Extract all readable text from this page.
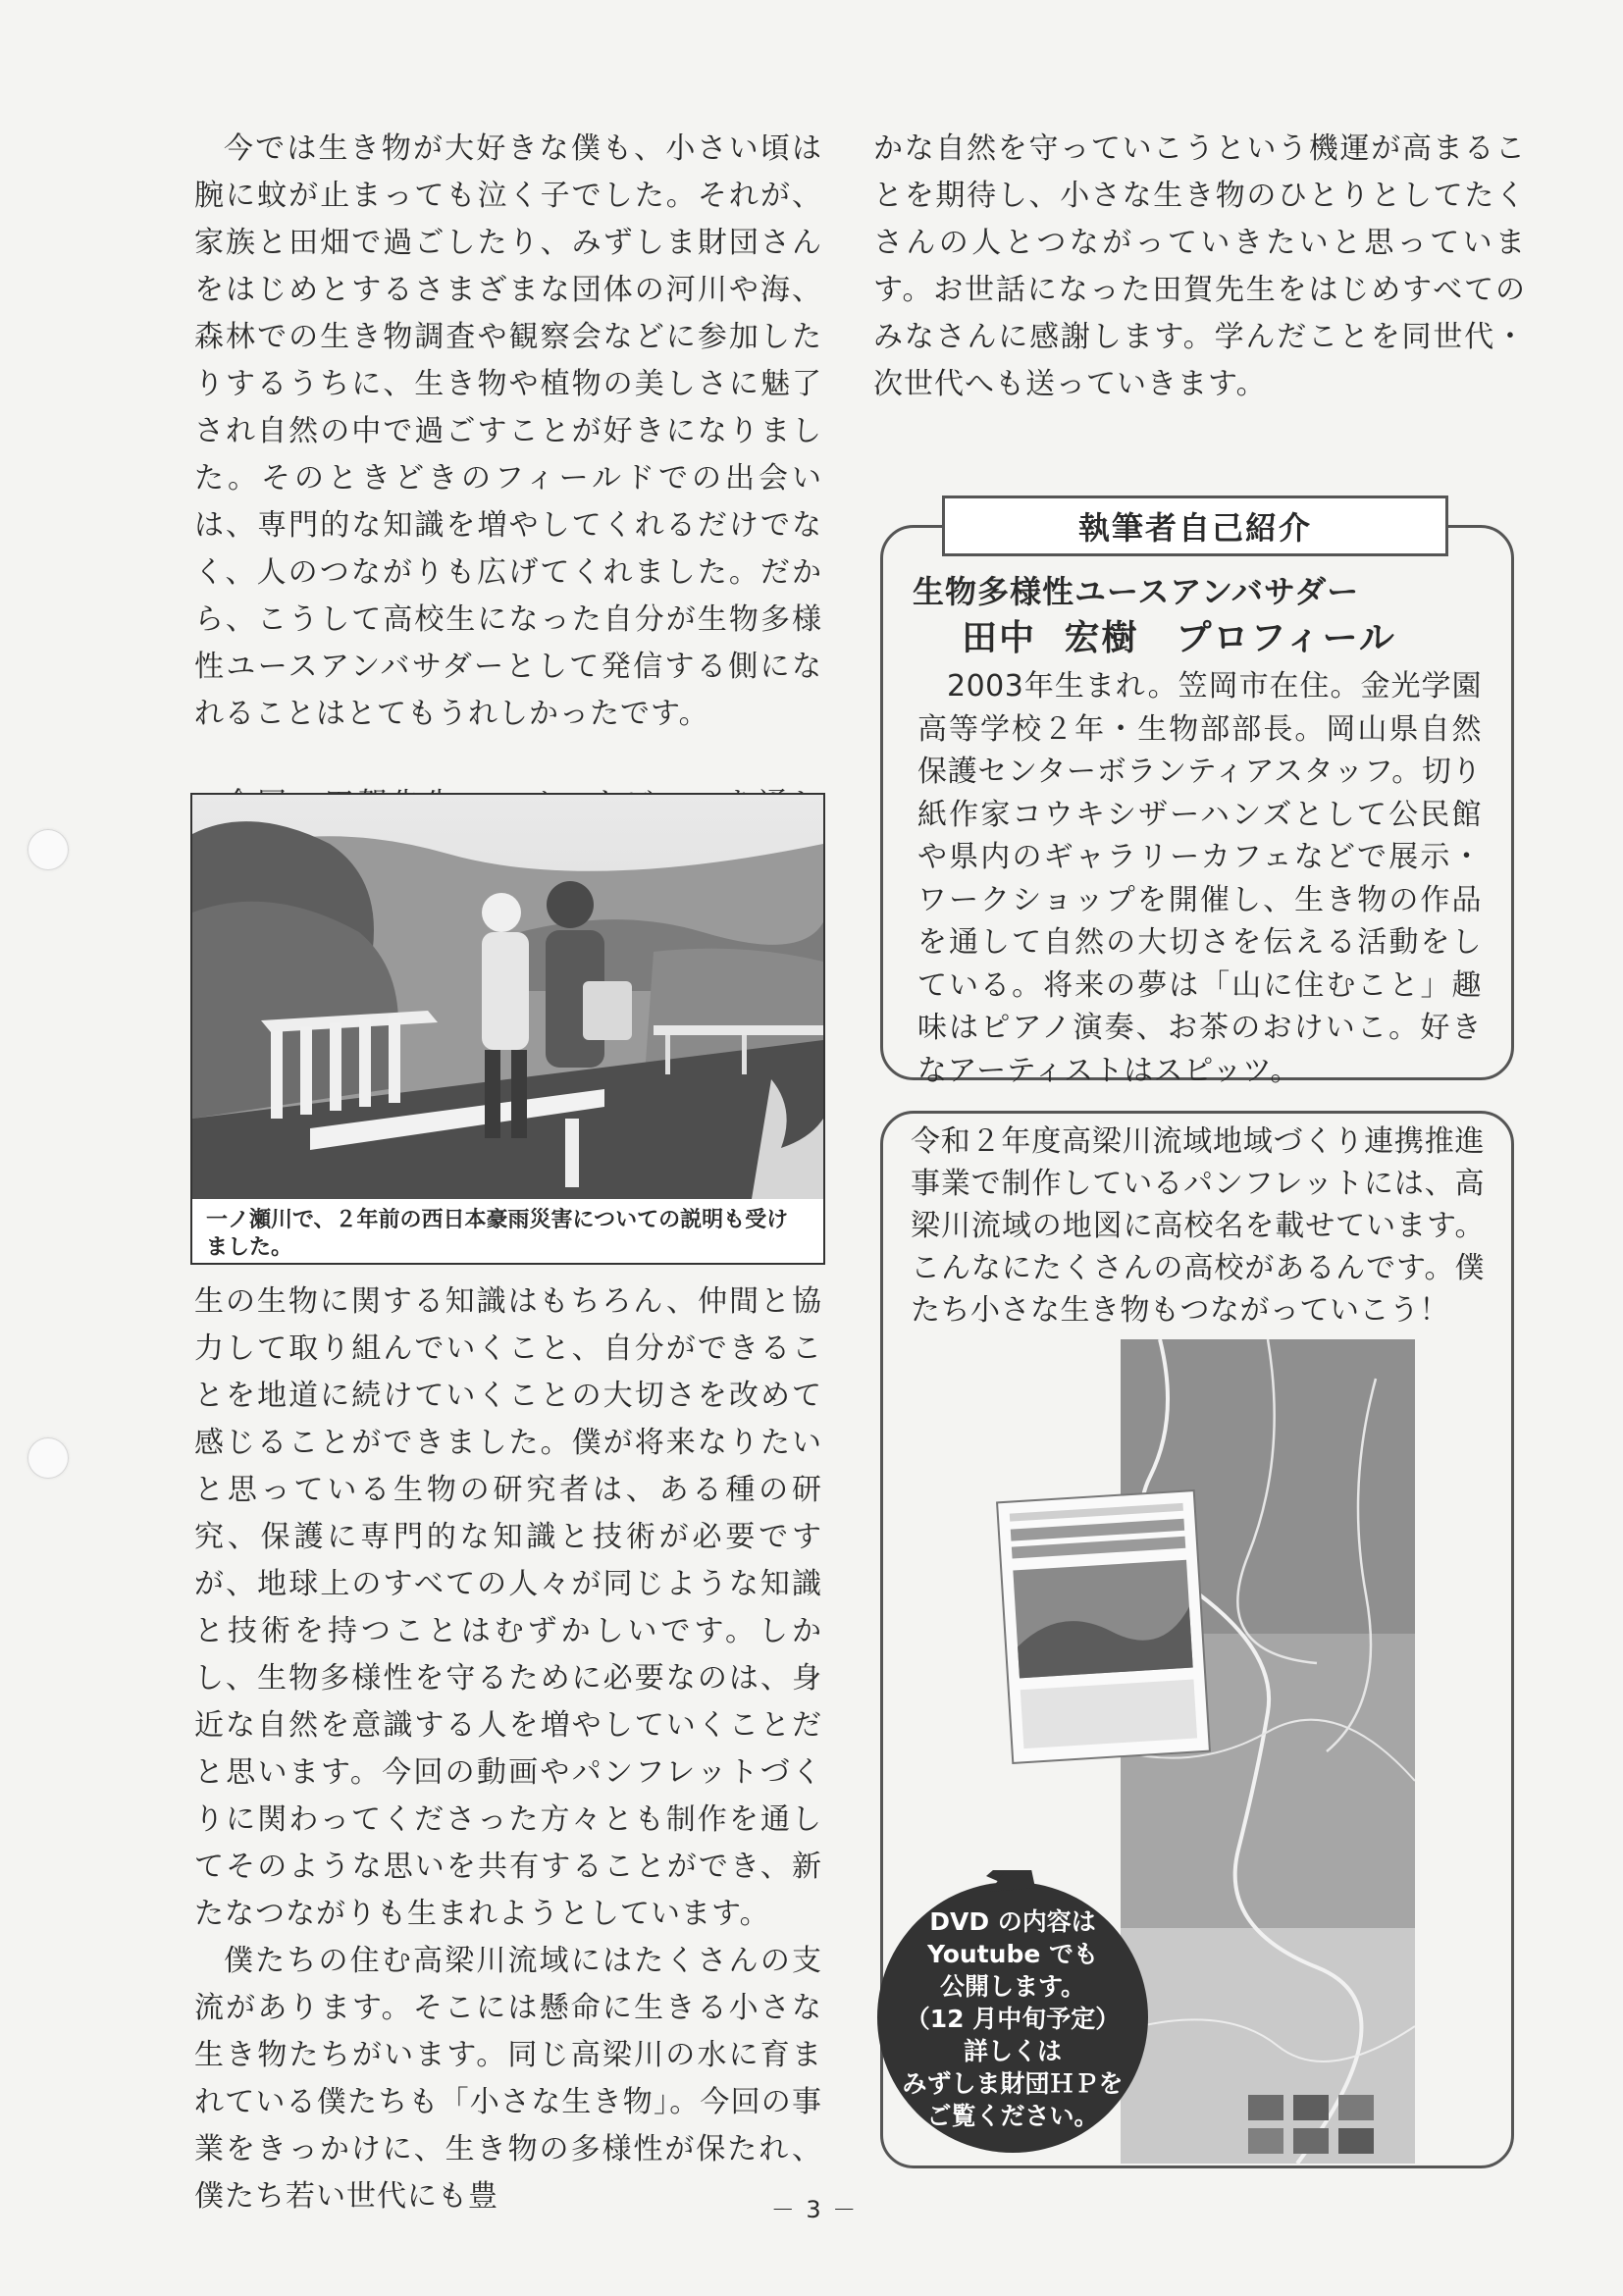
今では生き物が大好きな僕も、小さい頃は腕に蚊が止まっても泣く子でした。それが、家族と田畑で過ごしたり、みずしま財団さんをはじめとするさまざまな団体の河川や海、森林での生き物調査や観察会などに参加したりするうちに、生き物や植物の美しさに魅了され自然の中で過ごすことが好きになりました。そのときどきのフィールドでの出会いは、専門的な知識を増やしてくれるだけでなく、人のつながりも広げてくれました。だから、こうして高校生になった自分が生物多様性ユースアンバサダーとして発信する側になれることはとてもうれしかったです。

一ノ瀬川で、２年前の西日本豪雨災害についての説明も受けました。

生の生物に関する知識はもちろん、仲間と協力して取り組んでいくこと、自分ができることを地道に続けていくことの大切さを改めて感じることができました。僕が将来なりたいと思っている生物の研究者は、ある種の研究、保護に専門的な知識と技術が必要ですが、地球上のすべての人々が同じような知識と技術を持つことはむずかしいです。しかし、生物多様性を守るために必要なのは、身近な自然を意識する人を増やしていくことだと思います。今回の動画やパンフレットづくりに関わってくださった方々とも制作を通してそのような思いを共有することができ、新たなつながりも生まれようとしています。

僕たちの住む高梁川流域にはたくさんの支流があります。そこには懸命に生きる小さな生き物たちがいます。同じ高梁川の水に育まれている僕たちも「小さな生き物」。今回の事業をきっかけに、生き物の多様性が保たれ、僕たち若い世代にも豊

かな自然を守っていこうという機運が高まることを期待し、小さな生き物のひとりとしてたくさんの人とつながっていきたいと思っています。お世話になった田賀先生をはじめすべてのみなさんに感謝します。学んだことを同世代・次世代へも送っていきます。

執筆者自己紹介
生物多様性ユースアンバサダー
田中 宏樹　プロフィール
2003年生まれ。笠岡市在住。金光学園高等学校２年・生物部部長。岡山県自然保護センターボランティアスタッフ。切り紙作家コウキシザーハンズとして公民館や県内のギャラリーカフェなどで展示・ワークショップを開催し、生き物の作品を通して自然の大切さを伝える活動をしている。将来の夢は「山に住むこと」趣味はピアノ演奏、お茶のおけいこ。好きなアーティストはスピッツ。
令和２年度高梁川流域地域づくり連携推進事業で制作しているパンフレットには、高梁川流域の地図に高校名を載せています。こんなにたくさんの高校があるんです。僕たち小さな生き物もつながっていこう！
DVD の内容は
Youtube でも
公開します。
（12 月中旬予定）
詳しくは
みずしま財団ＨＰを
ご覧ください。
－ 3 －
